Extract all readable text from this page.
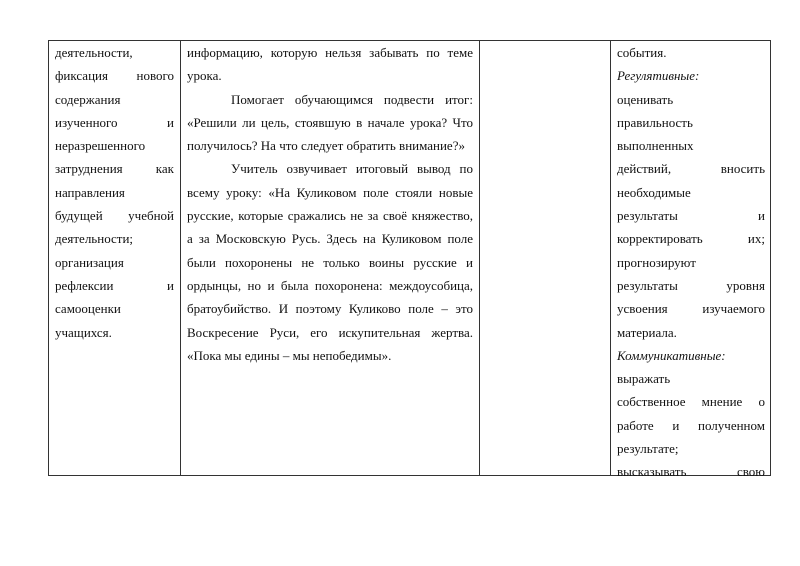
деятельности,
фиксация нового
содержания
изученного и
неразрешенного
затруднения как
направления
будущей учебной
деятельности;
организация
рефлексии и
самооценки
учащихся.
информацию, которую нельзя забывать по теме
урока.
Помогает обучающимся подвести итог:
«Решили ли цель, стоявшую в начале урока? Что
получилось? На что следует обратить внимание?»
Учитель озвучивает итоговый вывод по
всему уроку: «На Куликовом поле стояли новые
русские, которые сражались не за своё княжество,
а за Московскую Русь. Здесь на Куликовом поле
были похоронены не только воины русские и
ордынцы, но и была похоронена: междоусобица,
братоубийство. И поэтому Куликово поле – это
Воскресение Руси, его искупительная жертва.
«Пока мы едины – мы непобедимы».
события.
Регулятивные:
оценивать
правильность
выполненных
действий, вносить
необходимые
результаты и
корректировать их;
прогнозируют
результаты уровня
усвоения изучаемого
материала.
Коммуникативные:
выражать
собственное мнение о
работе и полученном
результате;
высказывать свою
